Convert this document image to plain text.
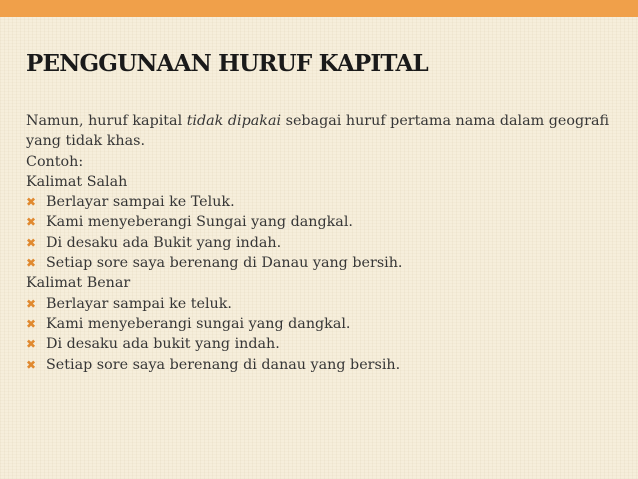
PENGGUNAAN HURUF KAPITAL
Namun, huruf kapital tidak dipakai sebagai huruf pertama nama dalam geografi yang tidak khas.
Contoh:
Kalimat Salah
✖ Berlayar sampai ke Teluk.
✖ Kami menyeberangi Sungai yang dangkal.
✖ Di desaku ada Bukit yang indah.
✖ Setiap sore saya berenang di Danau yang bersih.
Kalimat Benar
✖ Berlayar sampai ke teluk.
✖ Kami menyeberangi sungai yang dangkal.
✖ Di desaku ada bukit yang indah.
✖ Setiap sore saya berenang di danau yang bersih.
